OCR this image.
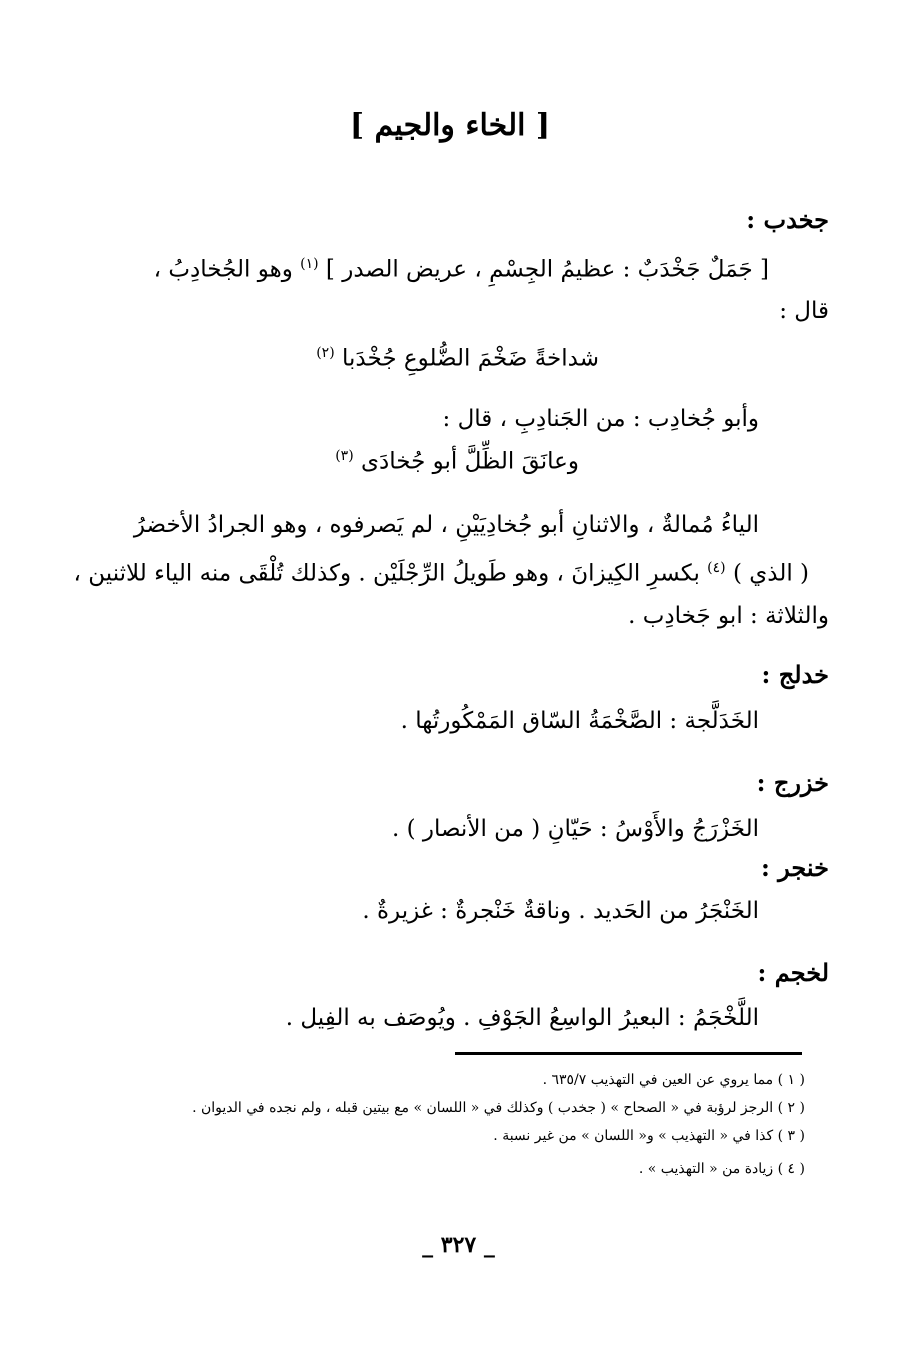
[ الخاء والجيم ]
جخدب :
[ جَمَلٌ جَخْدَبٌ : عظيمُ الجِسْمِ ، عريض الصدر ] $^{(١)}$ وهو الجُخادِبُ ،
قال :
شداخةً ضَخْمَ الضُّلوعِ جُخْدَبا $^{(٢)}$
وأبو جُخادِب : من الجَنادِبِ ، قال :
وعانَقَ الظِّلَّ أبو جُخادَى $^{(٣)}$
الياءُ مُمالةٌ ، والاثنانِ أبو جُخادِيَيْنِ ، لم يَصرفوه ، وهو الجرادُ الأخضرُ
( الذي ) $^{(٤)}$ بكسرِ الكِيزانَ ، وهو طَويلُ الرِّجْلَيْن . وكذلك تُلْقَى منه الياء للاثنين ،
والثلاثة : ابو جَخادِب .
خدلج :
الخَدَلَّجة : الصَّخْمَةُ السّاق المَمْكُورتُها .
خزرج :
الخَزْرَجُ والأَوْسُ : حَيّانِ ( من الأنصار ) .
خنجر :
الخَنْجَرُ من الحَديد . وناقةٌ خَنْجرةٌ : غزيرةٌ .
لخجم :
اللَّخْجَمُ : البعيرُ الواسِعُ الجَوْفِ . ويُوصَف به الفِيل .
( ١ ) مما يروي عن العين في التهذيب ٦٣٥/٧ .
( ٢ ) الرجز لرؤبة في « الصحاح » ( جخدب ) وكذلك في « اللسان » مع بيتين قبله ، ولم نجده في الديوان .
( ٣ ) كذا في « التهذيب » و« اللسان » من غير نسبة .
( ٤ ) زيادة من « التهذيب » .
_ ٣٢٧ _
